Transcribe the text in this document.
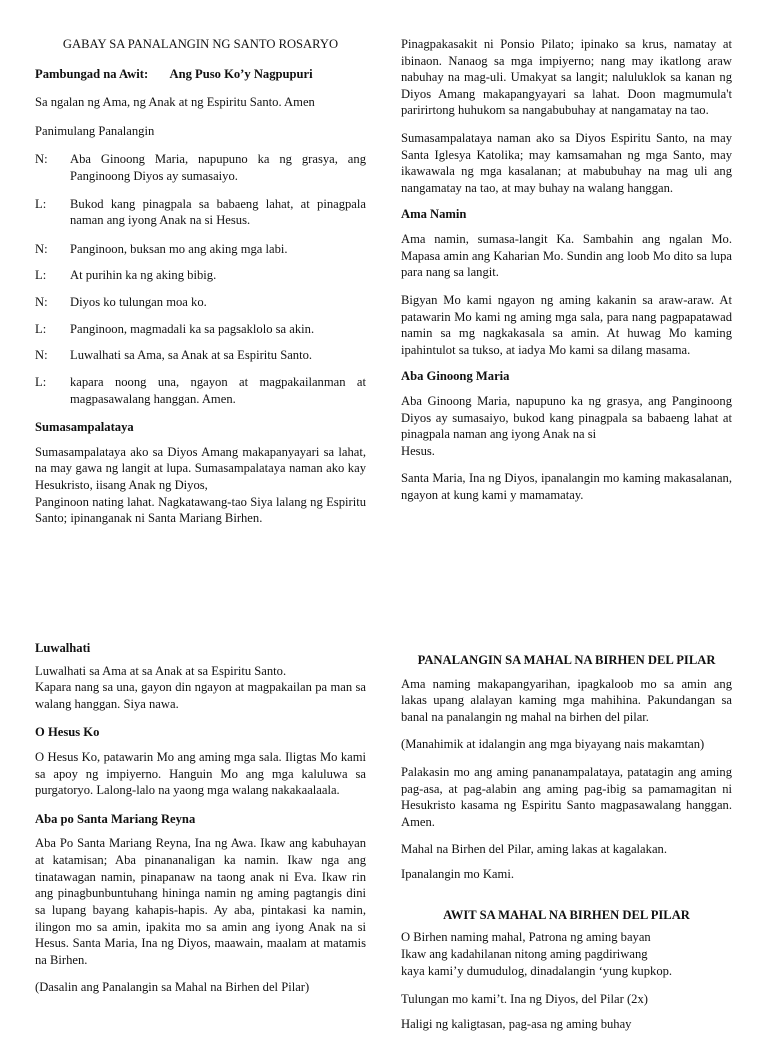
GABAY SA PANALANGIN NG SANTO ROSARYO

Pambungad na Awit: Ang Puso Ko’y Nagpupuri

Sa ngalan ng Ama, ng Anak at ng Espiritu Santo. Amen

Panimulang Panalangin

N:	Aba Ginoong Maria, napupuno ka ng grasya, ang Panginoong Diyos ay sumasaiyo.
L:	Bukod kang pinagpala sa babaeng lahat, at pinagpala naman ang iyong Anak na si Hesus.
N:	Panginoon, buksan mo ang aking mga labi.
L:	At purihin ka ng aking bibig.
N:	Diyos ko tulungan moa ko.
L:	Panginoon, magmadali ka sa pagsaklolo sa akin.
N:	Luwalhati sa Ama, sa Anak at sa Espiritu Santo.
L:	kapara noong una, ngayon at magpakailanman at magpasawalang hanggan. Amen.

Sumasampalataya

Sumasampalataya ako sa Diyos Amang makapanyayari sa lahat, na may gawa ng langit at lupa. Sumasampalataya naman ako kay Hesukristo, iisang Anak ng Diyos,
Panginoon nating lahat. Nagkatawang-tao Siya lalang ng Espiritu Santo; ipinanganak ni Santa Mariang Birhen.

Pinagpakasakit ni Ponsio Pilato; ipinako sa krus, namatay at ibinaon. Nanaog sa mga impiyerno; nang may ikatlong araw nabuhay na mag-uli. Umakyat sa langit; naluluklok sa kanan ng Diyos Amang makapangyayari sa lahat. Doon magmumula't paririrtong huhukom sa nangabubuhay at nangamatay na tao.

Sumasampalataya naman ako sa Diyos Espiritu Santo, na may Santa Iglesya Katolika; may kamsamahan ng mga Santo, may ikawawala ng mga kasalanan; at mabubuhay na mag uli ang nangamatay na tao, at may buhay na walang hanggan.

Ama Namin

Ama namin, sumasa-langit Ka. Sambahin ang ngalan Mo. Mapasa amin ang Kaharian Mo. Sundin ang loob Mo dito sa lupa para nang sa langit.

Bigyan Mo kami ngayon ng aming kakanin sa araw-araw. At patawarin Mo kami ng aming mga sala, para nang pagpapatawad namin sa mg nagkakasala sa amin. At huwag Mo kaming ipahintulot sa tukso, at iadya Mo kami sa dilang masama.

Aba Ginoong Maria

Aba Ginoong Maria, napupuno ka ng grasya, ang Panginoong Diyos ay sumasaiyo, bukod kang pinagpala sa babaeng lahat at pinagpala naman ang iyong Anak na si
Hesus.

Santa Maria, Ina ng Diyos, ipanalangin mo kaming makasalanan, ngayon at kung kami y mamamatay.

Luwalhati

Luwalhati sa Ama at sa Anak at sa Espiritu Santo.
Kapara nang sa una, gayon din ngayon at magpakailan pa man sa walang hanggan. Siya nawa.

O Hesus Ko

O Hesus Ko, patawarin Mo ang aming mga sala. Iligtas Mo kami sa apoy ng impiyerno. Hanguin Mo ang mga kaluluwa sa purgatoryo. Lalong-lalo na yaong mga walang nakakaalaala.

Aba po Santa Mariang Reyna

Aba Po Santa Mariang Reyna, Ina ng Awa. Ikaw ang kabuhayan at katamisan; Aba pinananaligan ka namin. Ikaw nga ang tinatawagan namin, pinapanaw na taong anak ni Eva. Ikaw rin ang pinagbunbuntuhang hininga namin ng aming pagtangis dini sa lupang bayang kahapis-hapis. Ay aba, pintakasi ka namin, ilingon mo sa amin, ipakita mo sa amin ang iyong Anak na si Hesus. Santa Maria, Ina ng Diyos, maawain, maalam at matamis na Birhen.

(Dasalin ang Panalangin sa Mahal na Birhen del Pilar)

PANALANGIN SA MAHAL NA BIRHEN DEL PILAR

Ama naming makapangyarihan, ipagkaloob mo sa amin ang lakas upang alalayan kaming mga mahihina. Pakundangan sa banal na panalangin ng mahal na birhen del pilar.

(Manahimik at idalangin ang mga biyayang nais makamtan)

Palakasin mo ang aming pananampalataya, patatagin ang aming pag-asa, at pag-alabin ang aming pag-ibig sa pamamagitan ni Hesukristo kasama ng Espiritu Santo magpasawalang hanggan. Amen.

Mahal na Birhen del Pilar, aming lakas at kagalakan.

Ipanalangin mo Kami.

AWIT SA MAHAL NA BIRHEN DEL PILAR

O Birhen naming mahal, Patrona ng aming bayan
Ikaw ang kadahilanan nitong aming pagdiriwang
kaya kami’y dumudulog, dinadalangin ‘yung kupkop.

Tulungan mo kami’t. Ina ng Diyos, del Pilar (2x)

Haligi ng kaligtasan, pag-asa ng aming buhay
